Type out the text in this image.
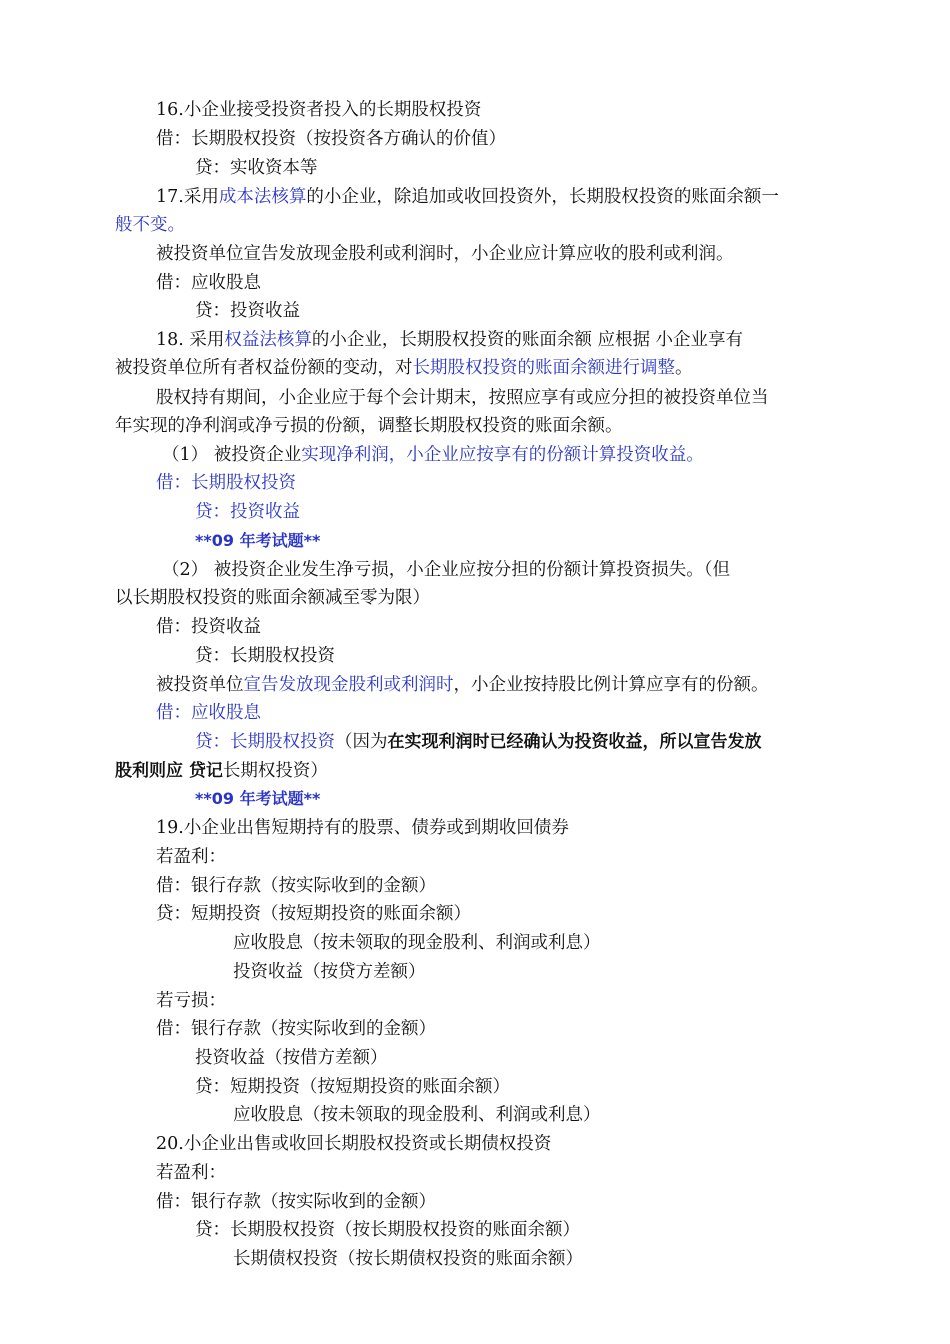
16.小企业接受投资者投入的长期股权投资
借：长期股权投资（按投资各方确认的价值）
贷：实收资本等
17.采用成本法核算的小企业，除追加或收回投资外，长期股权投资的账面余额一
般不变。
被投资单位宣告发放现金股利或利润时，小企业应计算应收的股利或利润。
借：应收股息
贷：投资收益
18. 采用权益法核算的小企业，长期股权投资的账面余额 应根据 小企业享有
被投资单位所有者权益份额的变动，对长期股权投资的账面余额进行调整。
股权持有期间，小企业应于每个会计期末，按照应享有或应分担的被投资单位当
年实现的净利润或净亏损的份额，调整长期股权投资的账面余额。
（1） 被投资企业实现净利润，小企业应按享有的份额计算投资收益。
借：长期股权投资
贷：投资收益
**09 年考试题**
（2） 被投资企业发生净亏损，小企业应按分担的份额计算投资损失。（但
以长期股权投资的账面余额减至零为限）
借：投资收益
贷：长期股权投资
被投资单位宣告发放现金股利或利润时，小企业按持股比例计算应享有的份额。
借：应收股息
贷：长期股权投资（因为在实现利润时已经确认为投资收益，所以宣告发放
股利则应 贷记长期权投资）
**09 年考试题**
19.小企业出售短期持有的股票、债券或到期收回债券
若盈利：
借：银行存款（按实际收到的金额）
贷：短期投资（按短期投资的账面余额）
应收股息（按未领取的现金股利、利润或利息）
投资收益（按贷方差额）
若亏损：
借：银行存款（按实际收到的金额）
投资收益（按借方差额）
贷：短期投资（按短期投资的账面余额）
应收股息（按未领取的现金股利、利润或利息）
20.小企业出售或收回长期股权投资或长期债权投资
若盈利：
借：银行存款（按实际收到的金额）
贷：长期股权投资（按长期股权投资的账面余额）
长期债权投资（按长期债权投资的账面余额）
